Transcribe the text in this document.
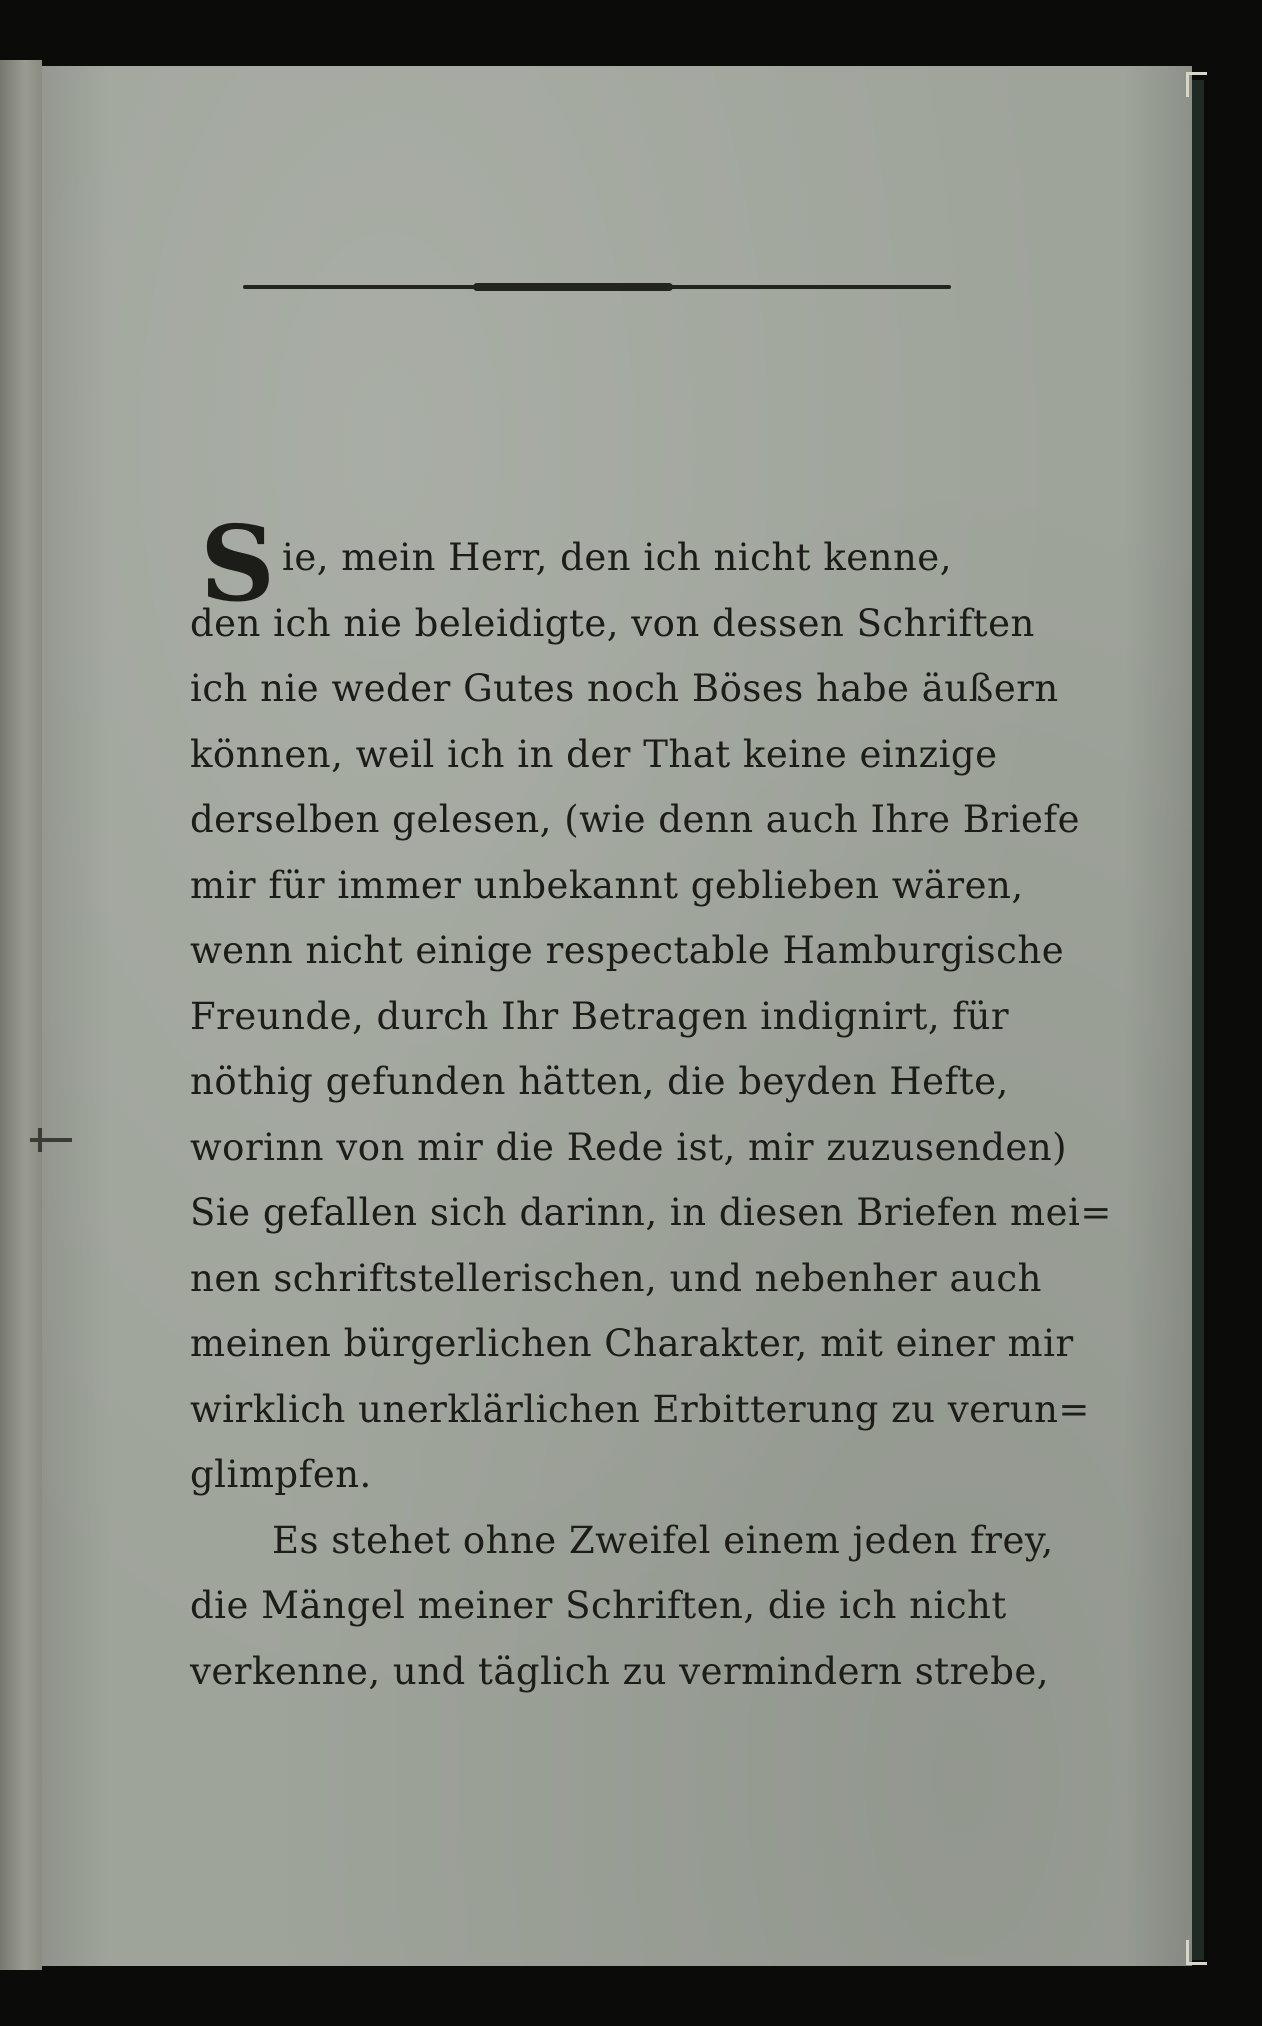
S ie, mein Herr, den ich nicht kenne,
den ich nie beleidigte, von dessen Schriften
ich nie weder Gutes noch Böses habe äußern
können, weil ich in der That keine einzige
derselben gelesen, (wie denn auch Ihre Briefe
mir für immer unbekannt geblieben wären,
wenn nicht einige respectable Hamburgische
Freunde, durch Ihr Betragen indignirt, für
nöthig gefunden hätten, die beyden Hefte,
worinn von mir die Rede ist, mir zuzusenden)
Sie gefallen sich darinn, in diesen Briefen mei=
nen schriftstellerischen, und nebenher auch
meinen bürgerlichen Charakter, mit einer mir
wirklich unerklärlichen Erbitterung zu verun=
glimpfen.
Es stehet ohne Zweifel einem jeden frey,
die Mängel meiner Schriften, die ich nicht
verkenne, und täglich zu vermindern strebe,
